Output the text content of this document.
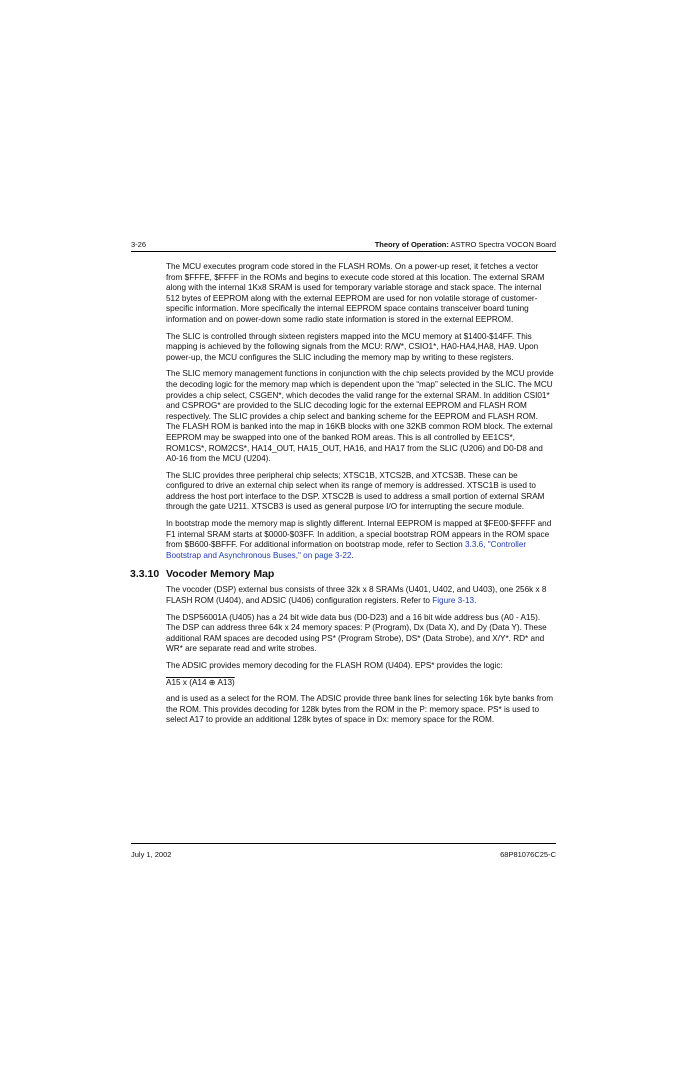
3-26	Theory of Operation: ASTRO Spectra VOCON Board

The MCU executes program code stored in the FLASH ROMs. On a power-up reset, it fetches a vector from $FFFE, $FFFF in the ROMs and begins to execute code stored at this location. The external SRAM along with the internal 1Kx8 SRAM is used for temporary variable storage and stack space. The internal 512 bytes of EEPROM along with the external EEPROM are used for non volatile storage of customer-specific information. More specifically the internal EEPROM space contains transceiver board tuning information and on power-down some radio state information is stored in the external EEPROM.

The SLIC is controlled through sixteen registers mapped into the MCU memory at $1400-$14FF. This mapping is achieved by the following signals from the MCU: R/W*, CSIO1*, HA0-HA4,HA8, HA9. Upon power-up, the MCU configures the SLIC including the memory map by writing to these registers.

The SLIC memory management functions in conjunction with the chip selects provided by the MCU provide the decoding logic for the memory map which is dependent upon the “map” selected in the SLIC. The MCU provides a chip select, CSGEN*, which decodes the valid range for the external SRAM. In addition CSI01* and CSPROG* are provided to the SLIC decoding logic for the external EEPROM and FLASH ROM respectively. The SLIC provides a chip select and banking scheme for the EEPROM and FLASH ROM. The FLASH ROM is banked into the map in 16KB blocks with one 32KB common ROM block. The external EEPROM may be swapped into one of the banked ROM areas. This is all controlled by EE1CS*, ROM1CS*, ROM2CS*, HA14_OUT, HA15_OUT, HA16, and HA17 from the SLIC (U206) and D0-D8 and A0-16 from the MCU (U204).

The SLIC provides three peripheral chip selects; XTSC1B, XTCS2B, and XTCS3B. These can be configured to drive an external chip select when its range of memory is addressed. XTSC1B is used to address the host port interface to the DSP. XTSC2B is used to address a small portion of external SRAM through the gate U211. XTSCB3 is used as general purpose I/O for interrupting the secure module.

In bootstrap mode the memory map is slightly different. Internal EEPROM is mapped at $FE00-$FFFF and F1 internal SRAM starts at $0000-$03FF. In addition, a special bootstrap ROM appears in the ROM space from $B600-$BFFF. For additional information on bootstrap mode, refer to Section 3.3.6, "Controller Bootstrap and Asynchronous Buses," on page 3-22.

3.3.10 Vocoder Memory Map

The vocoder (DSP) external bus consists of three 32k x 8 SRAMs (U401, U402, and U403), one 256k x 8 FLASH ROM (U404), and ADSIC (U406) configuration registers. Refer to Figure 3-13.

The DSP56001A (U405) has a 24 bit wide data bus (D0-D23) and a 16 bit wide address bus (A0 - A15). The DSP can address three 64k x 24 memory spaces: P (Program), Dx (Data X), and Dy (Data Y). These additional RAM spaces are decoded using PS* (Program Strobe), DS* (Data Strobe), and X/Y*. RD* and WR* are separate read and write strobes.

The ADSIC provides memory decoding for the FLASH ROM (U404). EPS* provides the logic:

A15 x (A14 ⊕ A13)

and is used as a select for the ROM. The ADSIC provide three bank lines for selecting 16k byte banks from the ROM. This provides decoding for 128k bytes from the ROM in the P: memory space. PS* is used to select A17 to provide an additional 128k bytes of space in Dx: memory space for the ROM.

July 1, 2002	68P81076C25-C
